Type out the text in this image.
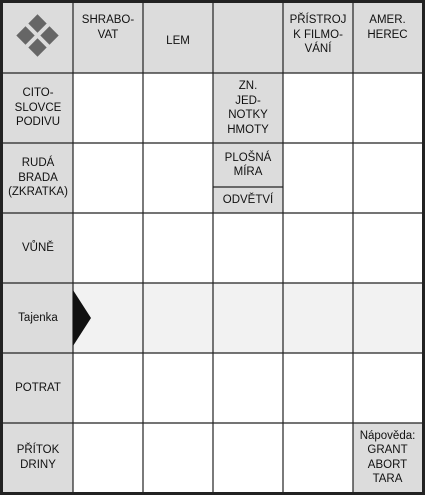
SHRABO-
VAT
LEM
PŘÍSTROJ
K FILMO-
VÁNÍ
AMER.
HEREC
CITO-
SLOVCE
PODIVU
RUDÁ
BRADA
(ZKRATKA)
VŮNĚ
Tajenka
POTRAT
PŘÍTOK
DRINY
ZN.
JED-
NOTKY
HMOTY
PLOŠNÁ
MÍRA
ODVĚTVÍ
Nápověda:
GRANT
ABORT
TARA
